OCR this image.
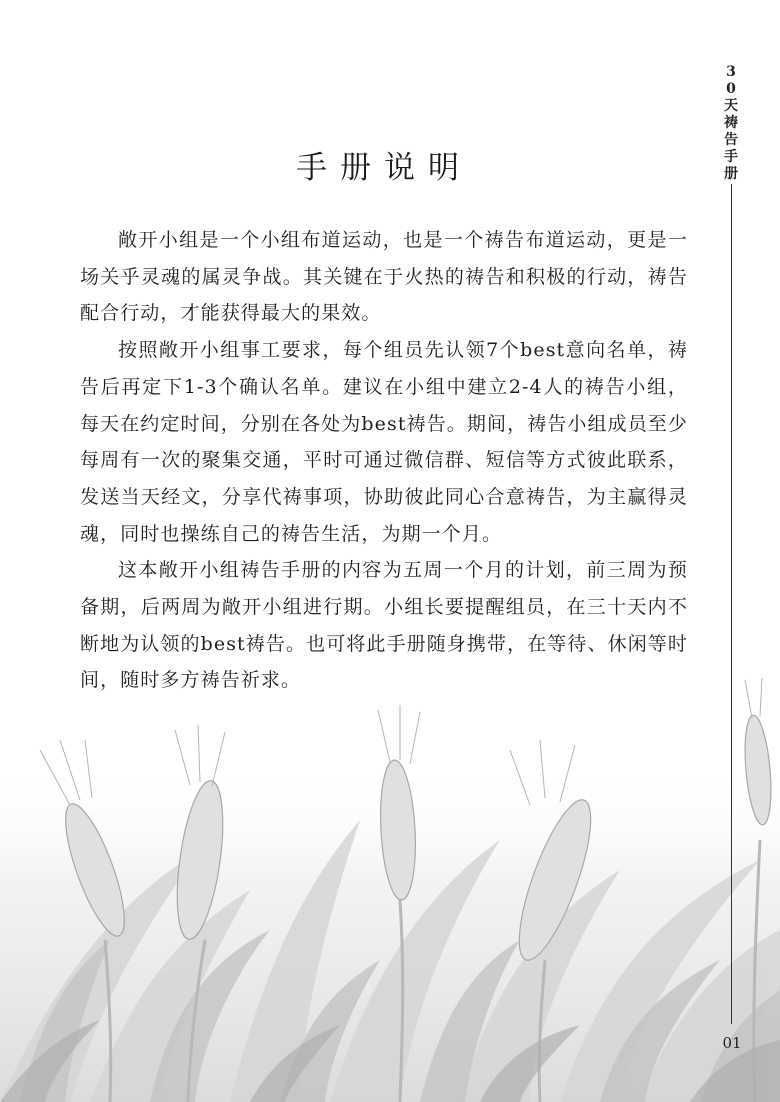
3
0
天
祷
告
手
册
01
手册说明

敞开小组是一个小组布道运动，也是一个祷告布道运动，更是一场关乎灵魂的属灵争战。其关键在于火热的祷告和积极的行动，祷告配合行动，才能获得最大的果效。

按照敞开小组事工要求，每个组员先认领7个best意向名单，祷告后再定下1-3个确认名单。建议在小组中建立2-4人的祷告小组，每天在约定时间，分别在各处为best祷告。期间，祷告小组成员至少每周有一次的聚集交通，平时可通过微信群、短信等方式彼此联系，发送当天经文，分享代祷事项，协助彼此同心合意祷告，为主赢得灵魂，同时也操练自己的祷告生活，为期一个月。

这本敞开小组祷告手册的内容为五周一个月的计划，前三周为预备期，后两周为敞开小组进行期。小组长要提醒组员，在三十天内不断地为认领的best祷告。也可将此手册随身携带，在等待、休闲等时间，随时多方祷告祈求。
